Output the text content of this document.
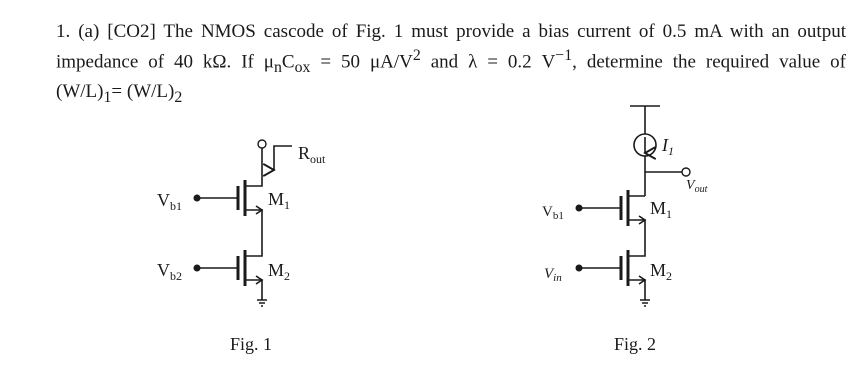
1. (a) [CO2] The NMOS cascode of Fig. 1 must provide a bias current of 0.5 mA with an output
impedance of 40 kΩ. If $\mu_nC_{ox} = 50$ $\mu A/V^2$ and λ = 0.2 $V^{-1}$, determine the required value of
$(W/L)_1= (W/L)_2$
$R_{out}$
$V_{b1}$	$M_1$
$V_{b2}$	$M_2$
Fig. 1
$I_1$
$V_{out}$
$V_{b1}$	$M_1$
$V_{in}$	$M_2$
Fig. 2
